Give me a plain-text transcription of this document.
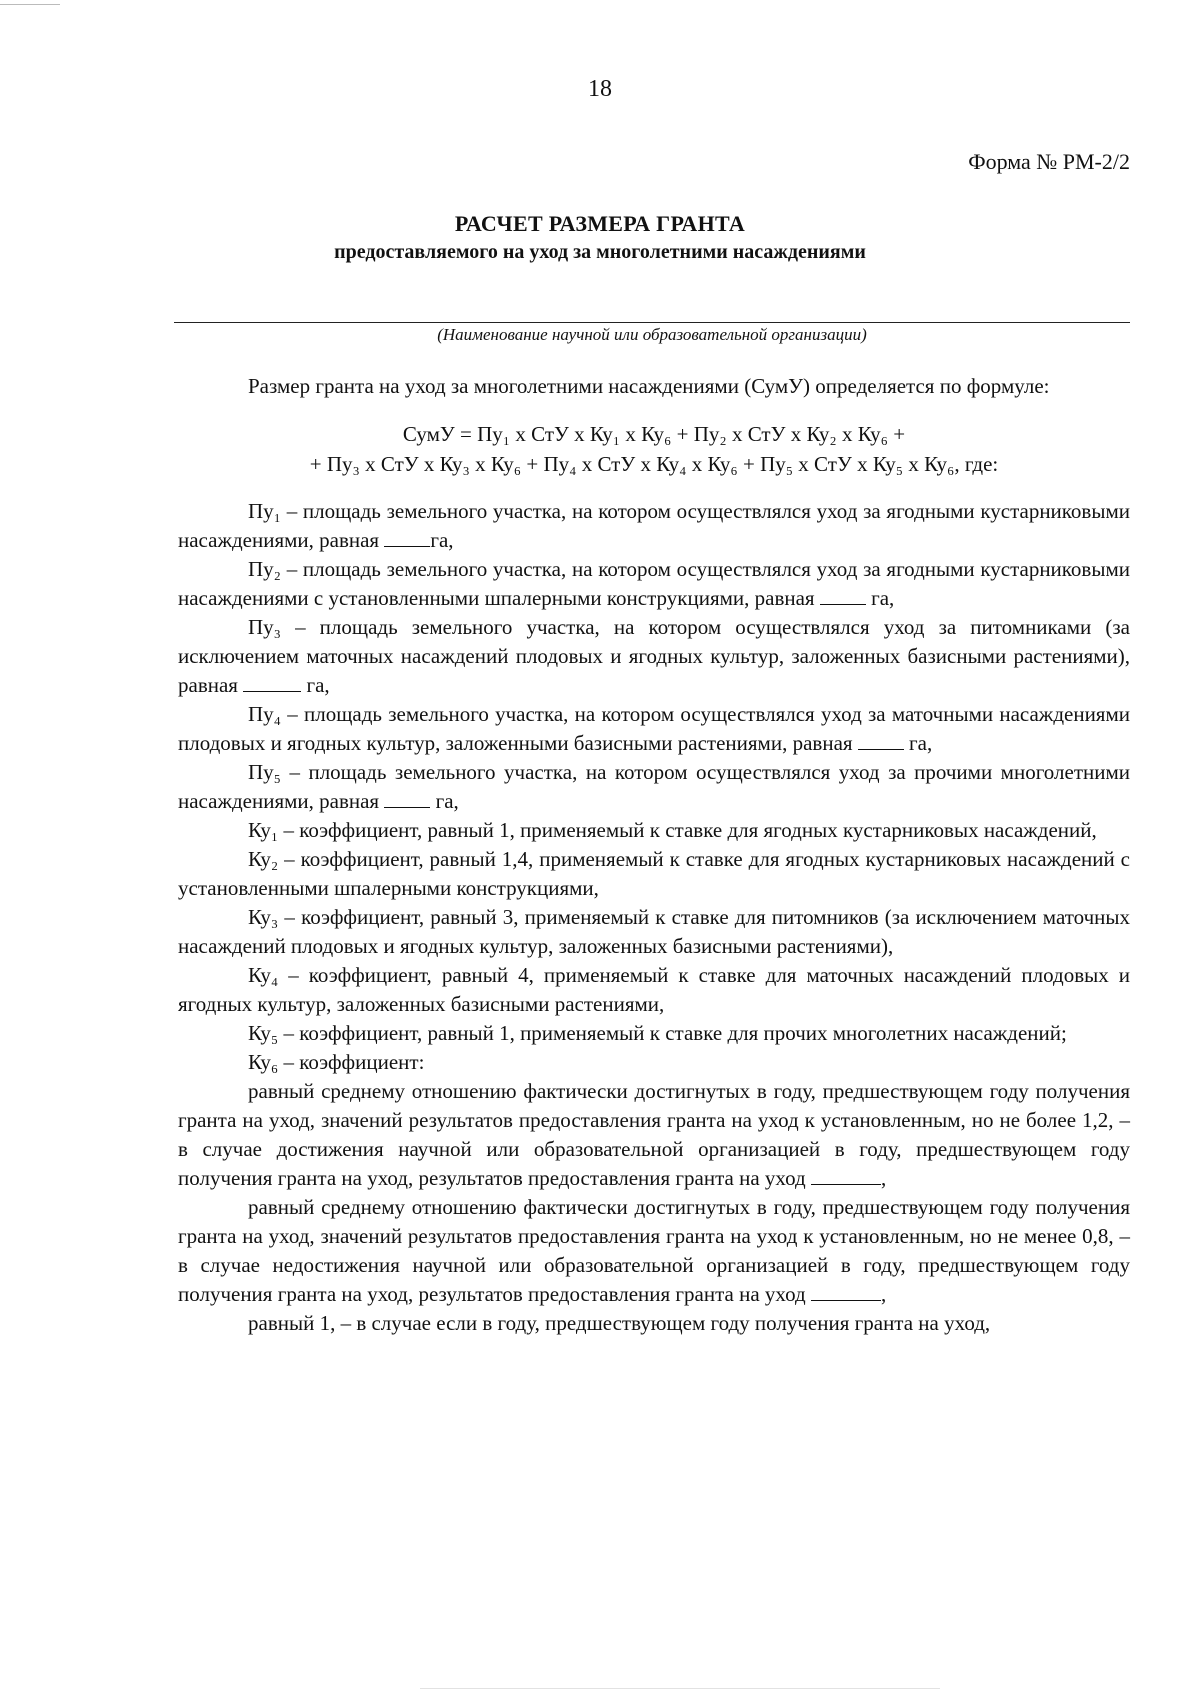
18
Форма № РМ-2/2
РАСЧЕТ РАЗМЕРА ГРАНТА
предоставляемого на уход за многолетними насаждениями
(Наименование научной или образовательной организации)

Размер гранта на уход за многолетними насаждениями (СумУ) определяется по формуле:

СумУ = Пу₁ х СтУ х Ку₁ х Ку₆ + Пу₂ х СтУ х Ку₂ х Ку₆ +

+ Пу₃ х СтУ х Ку₃ х Ку₆ + Пу₄ х СтУ х Ку₄ х Ку₆ + Пу₅ х СтУ х Ку₅ х Ку₆, где:

Пу₁ – площадь земельного участка, на котором осуществлялся уход за ягодными кустарниковыми насаждениями, равная га,

Пу₂ – площадь земельного участка, на котором осуществлялся уход за ягодными кустарниковыми насаждениями с установленными шпалерными конструкциями, равная  га,

Пу₃ – площадь земельного участка, на котором осуществлялся уход за питомниками (за исключением маточных насаждений плодовых и ягодных культур, заложенных базисными растениями), равная	га,

Пу₄ – площадь земельного участка, на котором осуществлялся уход за маточными насаждениями плодовых и ягодных культур, заложенными базисными растениями, равная  га,

Пу₅ – площадь земельного участка, на котором осуществлялся уход за прочими многолетними насаждениями, равная  га,

Ку₁ – коэффициент, равный 1, применяемый к ставке для ягодных кустарниковых насаждений,

Ку₂ – коэффициент, равный 1,4, применяемый к ставке для ягодных кустарниковых насаждений с установленными шпалерными конструкциями,

Ку₃ – коэффициент, равный 3, применяемый к ставке для питомников (за исключением маточных насаждений плодовых и ягодных культур, заложенных базисными растениями),

Ку₄ – коэффициент, равный 4, применяемый к ставке для маточных насаждений плодовых и ягодных культур, заложенных базисными растениями,

Ку₅ – коэффициент, равный 1, применяемый к ставке для прочих многолетних насаждений;

Ку₆ – коэффициент:

равный среднему отношению фактически достигнутых в году, предшествующем году получения гранта на уход, значений результатов предоставления гранта на уход к установленным, но не более 1,2, – в случае достижения научной или образовательной организацией в году, предшествующем году получения гранта на уход, результатов предоставления гранта на уход	,

равный среднему отношению фактически достигнутых в году, предшествующем году получения гранта на уход, значений результатов предоставления гранта на уход к установленным, но не менее 0,8, – в случае недостижения научной или образовательной организацией в году, предшествующем году получения гранта на уход, результатов предоставления гранта на уход	,

равный 1, – в случае если в году, предшествующем году получения гранта на уход,
